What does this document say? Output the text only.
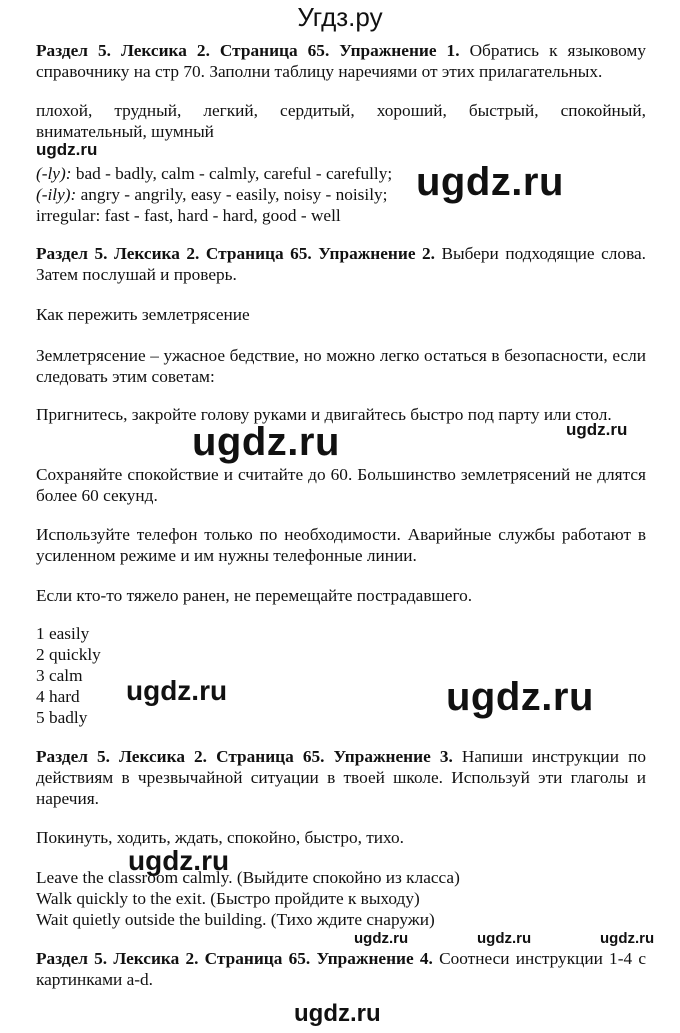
Угдз.ру
Раздел 5. Лексика 2. Страница 65. Упражнение 1. Обратись к языковому справочнику на стр 70. Заполни таблицу наречиями от этих прилагательных.
плохой, трудный, легкий, сердитый, хороший, быстрый, спокойный, внимательный, шумный
(-ly): bad - badly, calm - calmly, careful - carefully;
(-ily): angry - angrily, easy - easily, noisy - noisily;
irregular: fast - fast, hard - hard, good - well
Раздел 5. Лексика 2. Страница 65. Упражнение 2. Выбери подходящие слова. Затем послушай и проверь.
Как пережить землетрясение
Землетрясение – ужасное бедствие, но можно легко остаться в безопасности, если следовать этим советам:
Пригнитесь, закройте голову руками и двигайтесь быстро под парту или стол.
Сохраняйте спокойствие и считайте до 60. Большинство землетрясений не длятся более 60 секунд.
Используйте телефон только по необходимости. Аварийные службы работают в усиленном режиме и им нужны телефонные линии.
Если кто-то тяжело ранен, не перемещайте пострадавшего.
1 easily
2 quickly
3 calm
4 hard
5 badly
Раздел 5. Лексика 2. Страница 65. Упражнение 3. Напиши инструкции по действиям в чрезвычайной ситуации в твоей школе. Используй эти глаголы и наречия.
Покинуть, ходить, ждать, спокойно, быстро, тихо.
Leave the classroom calmly. (Выйдите спокойно из класса)
Walk quickly to the exit. (Быстро пройдите к выходу)
Wait quietly outside the building. (Тихо ждите снаружи)
Раздел 5. Лексика 2. Страница 65. Упражнение 4. Соотнеси инструкции 1-4 с картинками a-d.
ugdz.ru
ugdz.ru
ugdz.ru	ugdz.ru
ugdz.ru	ugdz.ru
ugdz.ru
ugdz.ru	ugdz.ru	ugdz.ru
ugdz.ru
